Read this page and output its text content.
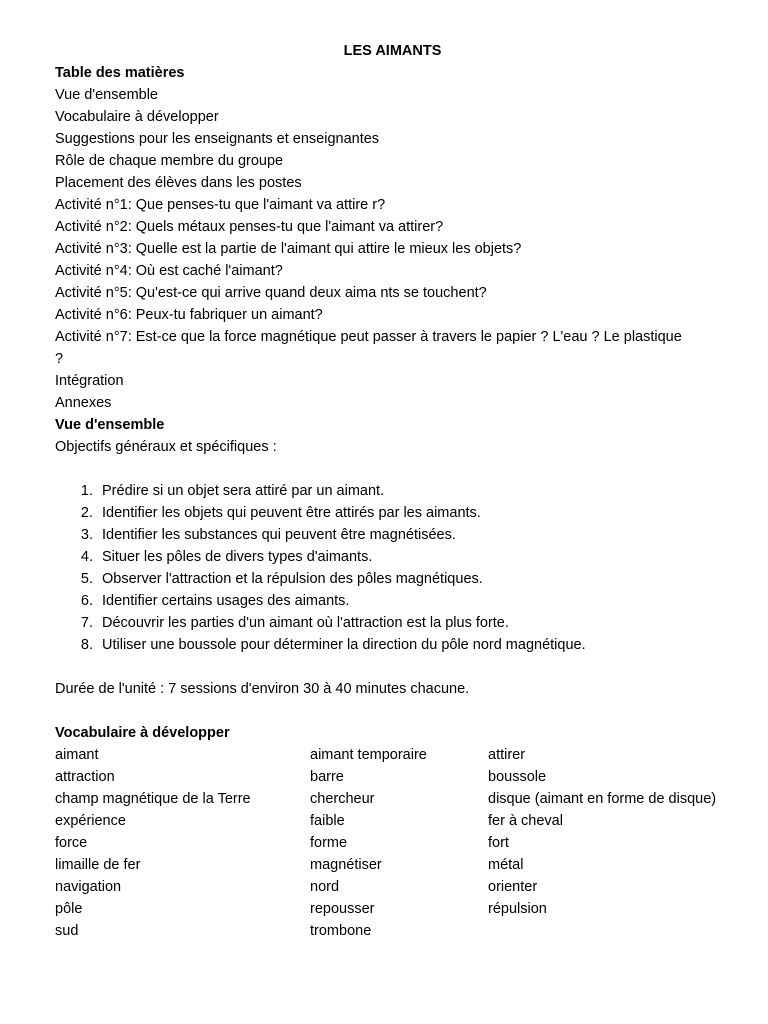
LES AIMANTS
Table des matières
Vue d'ensemble
Vocabulaire à développer
Suggestions pour les enseignants et enseignantes
Rôle de chaque membre du groupe
Placement des élèves dans les postes
Activité n°1: Que penses-tu que l'aimant va attire r?
Activité n°2: Quels métaux penses-tu que l'aimant va attirer?
Activité n°3: Quelle est la partie de l'aimant qui attire le mieux les objets?
Activité n°4: Où est caché l'aimant?
Activité n°5: Qu'est-ce qui arrive quand deux aima nts se touchent?
Activité n°6: Peux-tu fabriquer un aimant?
Activité n°7: Est-ce que la force magnétique peut passer à travers le papier ? L'eau ? Le plastique
?
Intégration
Annexes
Vue d'ensemble
Objectifs généraux et spécifiques :
1. Prédire si un objet sera attiré par un aimant.
2. Identifier les objets qui peuvent être attirés par les aimants.
3. Identifier les substances qui peuvent être magnétisées.
4. Situer les pôles de divers types d'aimants.
5. Observer l'attraction et la répulsion des pôles magnétiques.
6. Identifier certains usages des aimants.
7. Découvrir les parties d'un aimant où l'attraction est la plus forte.
8. Utiliser une boussole pour déterminer la direction du pôle nord magnétique.
Durée de l'unité : 7 sessions d'environ 30 à 40 minutes chacune.
Vocabulaire à développer
aimant	aimant temporaire	attirer
attraction	barre	boussole
champ magnétique de la Terre	chercheur	disque (aimant en forme de disque)
expérience	faible	fer à cheval
force	forme	fort
limaille de fer	magnétiser	métal
navigation	nord	orienter
pôle	repousser	répulsion
sud	trombone
